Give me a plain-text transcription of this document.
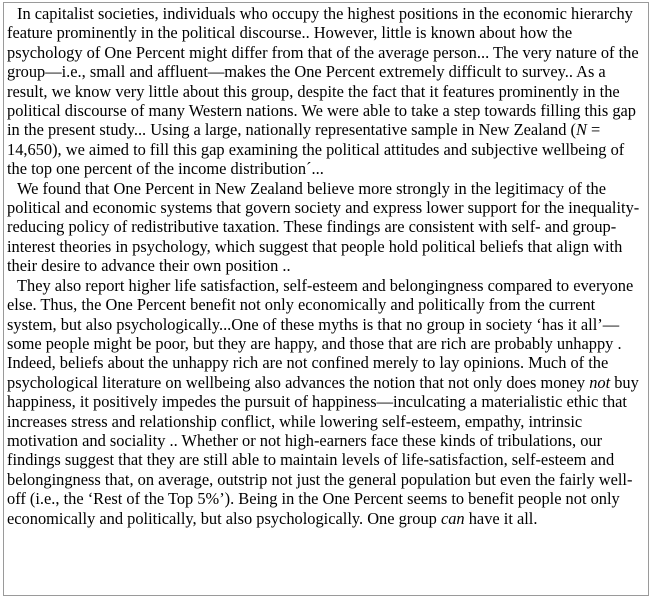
In capitalist societies, individuals who occupy the highest positions in the economic hierarchy feature prominently in the political discourse.. However, little is known about how the psychology of One Percent might differ from that of the average person... The very nature of the group—i.e., small and affluent—makes the One Percent extremely difficult to survey.. As a result, we know very little about this group, despite the fact that it features prominently in the political discourse of many Western nations. We were able to take a step towards filling this gap in the present study... Using a large, nationally representative sample in New Zealand (N = 14,650), we aimed to fill this gap examining the political attitudes and subjective wellbeing of the top one percent of the income distribution´...

We found that One Percent in New Zealand believe more strongly in the legitimacy of the political and economic systems that govern society and express lower support for the inequality-reducing policy of redistributive taxation. These findings are consistent with self- and group-interest theories in psychology, which suggest that people hold political beliefs that align with their desire to advance their own position ..

They also report higher life satisfaction, self-esteem and belongingness compared to everyone else. Thus, the One Percent benefit not only economically and politically from the current system, but also psychologically...One of these myths is that no group in society ‘has it all’—some people might be poor, but they are happy, and those that are rich are probably unhappy . Indeed, beliefs about the unhappy rich are not confined merely to lay opinions. Much of the psychological literature on wellbeing also advances the notion that not only does money not buy happiness, it positively impedes the pursuit of happiness—inculcating a materialistic ethic that increases stress and relationship conflict, while lowering self-esteem, empathy, intrinsic motivation and sociality .. Whether or not high-earners face these kinds of tribulations, our findings suggest that they are still able to maintain levels of life-satisfaction, self-esteem and belongingness that, on average, outstrip not just the general population but even the fairly well-off (i.e., the ‘Rest of the Top 5%’). Being in the One Percent seems to benefit people not only economically and politically, but also psychologically. One group can have it all.
